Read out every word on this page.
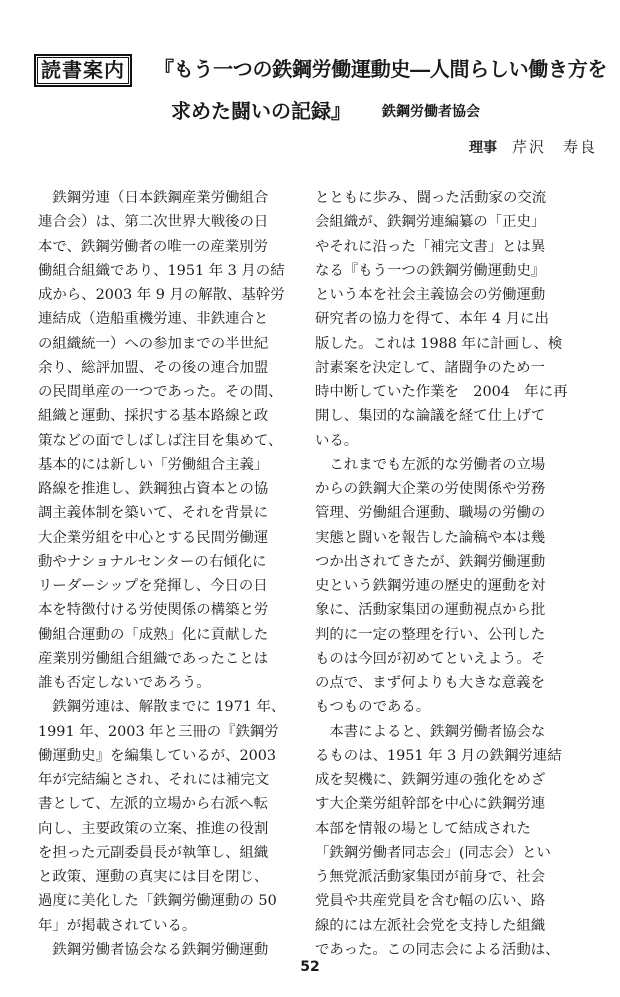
読書案内	『もう一つの鉄鋼労働運動史―人間らしい働き方を
求めた闘いの記録』 鉄鋼労働者協会
理事 芹沢　寿良
　鉄鋼労連（日本鉄鋼産業労働組合
連合会）は、第二次世界大戦後の日
本で、鉄鋼労働者の唯一の産業別労
働組合組織であり、1951 年 3 月の結
成から、2003 年 9 月の解散、基幹労
連結成（造船重機労連、非鉄連合と
の組織統一）への参加までの半世紀
余り、総評加盟、その後の連合加盟
の民間単産の一つであった。その間、
組織と運動、採択する基本路線と政
策などの面でしばしば注目を集めて、
基本的には新しい「労働組合主義」
路線を推進し、鉄鋼独占資本との協
調主義体制を築いて、それを背景に
大企業労組を中心とする民間労働運
動やナショナルセンターの右傾化に
リーダーシップを発揮し、今日の日
本を特徴付ける労使関係の構築と労
働組合運動の「成熟」化に貢献した
産業別労働組合組織であったことは
誰も否定しないであろう。
　鉄鋼労連は、解散までに 1971 年、
1991 年、2003 年と三冊の『鉄鋼労
働運動史』を編集しているが、2003
年が完結編とされ、それには補完文
書として、左派的立場から右派へ転
向し、主要政策の立案、推進の役割
を担った元副委員長が執筆し、組織
と政策、運動の真実には目を閉じ、
過度に美化した「鉄鋼労働運動の 50
年」が掲載されている。
　鉄鋼労働者協会なる鉄鋼労働運動
とともに歩み、闘った活動家の交流
会組織が、鉄鋼労連編纂の「正史」
やそれに沿った「補完文書」とは異
なる『もう一つの鉄鋼労働運動史』
という本を社会主義協会の労働運動
研究者の協力を得て、本年 4 月に出
版した。これは 1988 年に計画し、検
討素案を決定して、諸闘争のため一
時中断していた作業を　2004　年に再
開し、集団的な論議を経て仕上げて
いる。
　これまでも左派的な労働者の立場
からの鉄鋼大企業の労使関係や労務
管理、労働組合運動、職場の労働の
実態と闘いを報告した論稿や本は幾
つか出されてきたが、鉄鋼労働運動
史という鉄鋼労連の歴史的運動を対
象に、活動家集団の運動視点から批
判的に一定の整理を行い、公刊した
ものは今回が初めてといえよう。そ
の点で、まず何よりも大きな意義を
もつものである。
　本書によると、鉄鋼労働者協会な
るものは、1951 年 3 月の鉄鋼労連結
成を契機に、鉄鋼労連の強化をめざ
す大企業労組幹部を中心に鉄鋼労連
本部を情報の場として結成された
「鉄鋼労働者同志会」(同志会）とい
う無党派活動家集団が前身で、社会
党員や共産党員を含む幅の広い、路
線的には左派社会党を支持した組織
であった。この同志会による活動は、
52
